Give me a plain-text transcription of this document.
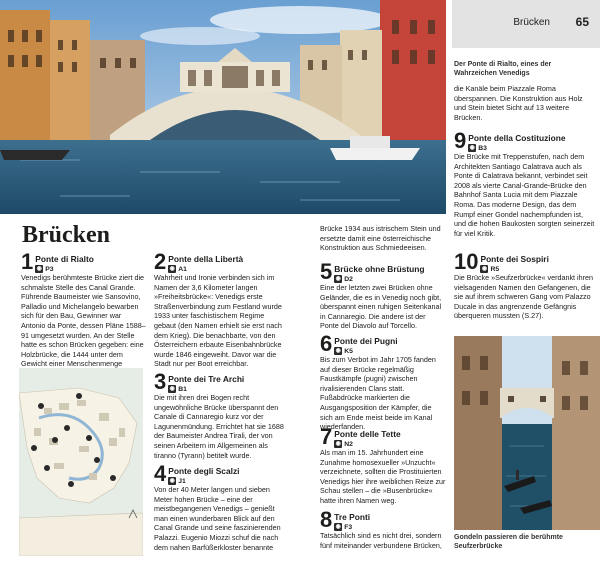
Brücken 65
Der Ponte di Rialto, eines der Wahrzeichen Venedigs
die Kanäle beim Piazzale Roma überspannen. Die Konstruktion aus Holz und Stein bietet Sicht auf 13 weitere Brücken.
Brücken
1 Ponte di Rialto
◉ P3
Venedigs berühmteste Brücke ziert die schmalste Stelle des Canal Grande. Führende Baumeister wie Sansovino, Palladio und Michelangelo bewarben sich für den Bau, Gewinner war Antonio da Ponte, dessen Pläne 1588–91 umgesetzt wurden. An der Stelle hatte es schon Brücken gegeben: eine Holzbrücke, die 1444 unter dem Gewicht einer Menschenmenge
2 Ponte della Libertà
◉ A1
Wahrheit und Ironie verbinden sich im Namen der 3,6 Kilometer langen »Freiheitsbrücke«: Venedigs erste Straßenverbindung zum Festland wurde 1933 unter faschistischem Regime gebaut (den Namen erhielt sie erst nach dem Krieg). Die benachbarte, von den Österreichern erbaute Eisenbahnbrücke wurde 1846 eingeweiht. Davor war die Stadt nur per Boot erreichbar.
3 Ponte dei Tre Archi
◉ B1
Die mit ihren drei Bogen recht ungewöhnliche Brücke überspannt den Canale di Cannaregio kurz vor der Lagunenmündung. Errichtet hat sie 1688 der Baumeister Andrea Tirali, der von seinen Arbeitern im Allgemeinen als tiranno (Tyrann) betitelt wurde.
4 Ponte degli Scalzi
◉ J1
Von der 40 Meter langen und sieben Meter hohen Brücke – eine der meistbegangenen Venedigs – genießt man einen wunderbaren Blick auf den Canal Grande und seine faszinierenden Palazzi. Eugenio Miozzi schuf die nach dem nahen Barfüßerkloster benannte
Brücke 1934 aus istrischem Stein und ersetzte damit eine österreichische Konstruktion aus Schmiedeeisen.
5 Brücke ohne Brüstung
◉ D2
Eine der letzten zwei Brücken ohne Geländer, die es in Venedig noch gibt, überspannt einen ruhigen Seitenkanal in Cannaregio. Die andere ist der Ponte del Diavolo auf Torcello.
6 Ponte dei Pugni
◉ K5
Bis zum Verbot im Jahr 1705 fanden auf dieser Brücke regelmäßig Faustkämpfe (pugni) zwischen rivalisierenden Clans statt. Fußabdrücke markierten die Ausgangsposition der Kämpfer, die sich am Ende meist beide im Kanal wiederfanden.
7 Ponte delle Tette
◉ N2
Als man im 15. Jahrhundert eine Zunahme homosexueller »Unzucht« verzeichnete, sollten die Prostituierten Venedigs hier ihre weiblichen Reize zur Schau stellen – die »Busenbrücke« hatte ihren Namen weg.
8 Tre Ponti
◉ F3
Tatsächlich sind es nicht drei, sondern fünf miteinander verbundene Brücken,
9 Ponte della Costituzione
◉ B3
Die Brücke mit Treppenstufen, nach dem Architekten Santiago Calatrava auch als Ponte di Calatrava bekannt, verbindet seit 2008 als vierte Canal-Grande-Brücke den Bahnhof Santa Lucia mit dem Piazzale Roma. Das moderne Design, das dem Rumpf einer Gondel nachempfunden ist, und die hohen Baukosten sorgten seinerzeit für viel Kritik.
10 Ponte dei Sospiri
◉ R5
Die Brücke »Seufzerbrücke« verdankt ihren vielsagenden Namen den Gefangenen, die sie auf ihrem schweren Gang vom Palazzo Ducale in das angrenzende Gefängnis überqueren mussten (S.27).
Gondeln passieren die berühmte Seufzerbrücke
